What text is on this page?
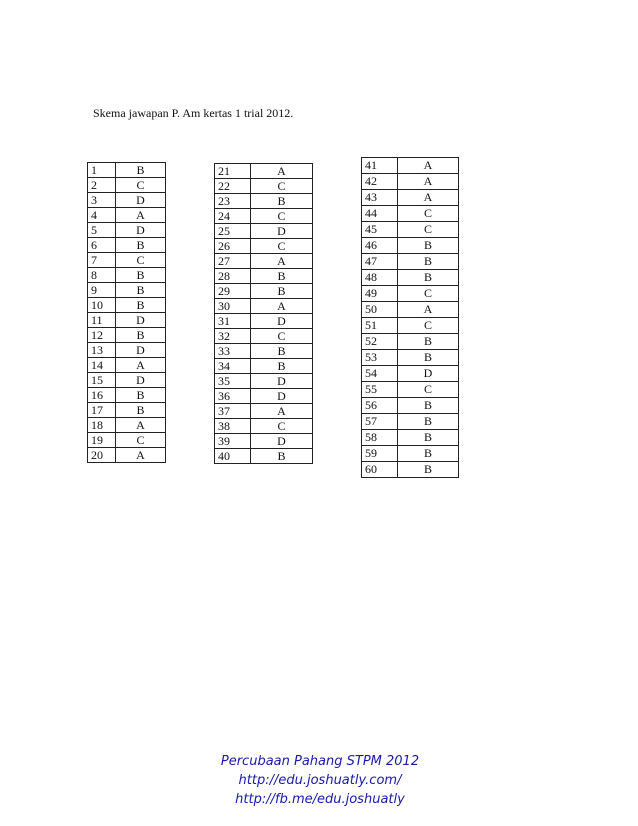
Skema jawapan P. Am kertas 1 trial 2012.
1	B
2	C
3	D
4	A
5	D
6	B
7	C
8	B
9	B
10	B
11	D
12	B
13	D
14	A
15	D
16	B
17	B
18	A
19	C
20	A
21	A
22	C
23	B
24	C
25	D
26	C
27	A
28	B
29	B
30	A
31	D
32	C
33	B
34	B
35	D
36	D
37	A
38	C
39	D
40	B
41	A
42	A
43	A
44	C
45	C
46	B
47	B
48	B
49	C
50	A
51	C
52	B
53	B
54	D
55	C
56	B
57	B
58	B
59	B
60	B
Percubaan Pahang STPM 2012
http://edu.joshuatly.com/
http://fb.me/edu.joshuatly
